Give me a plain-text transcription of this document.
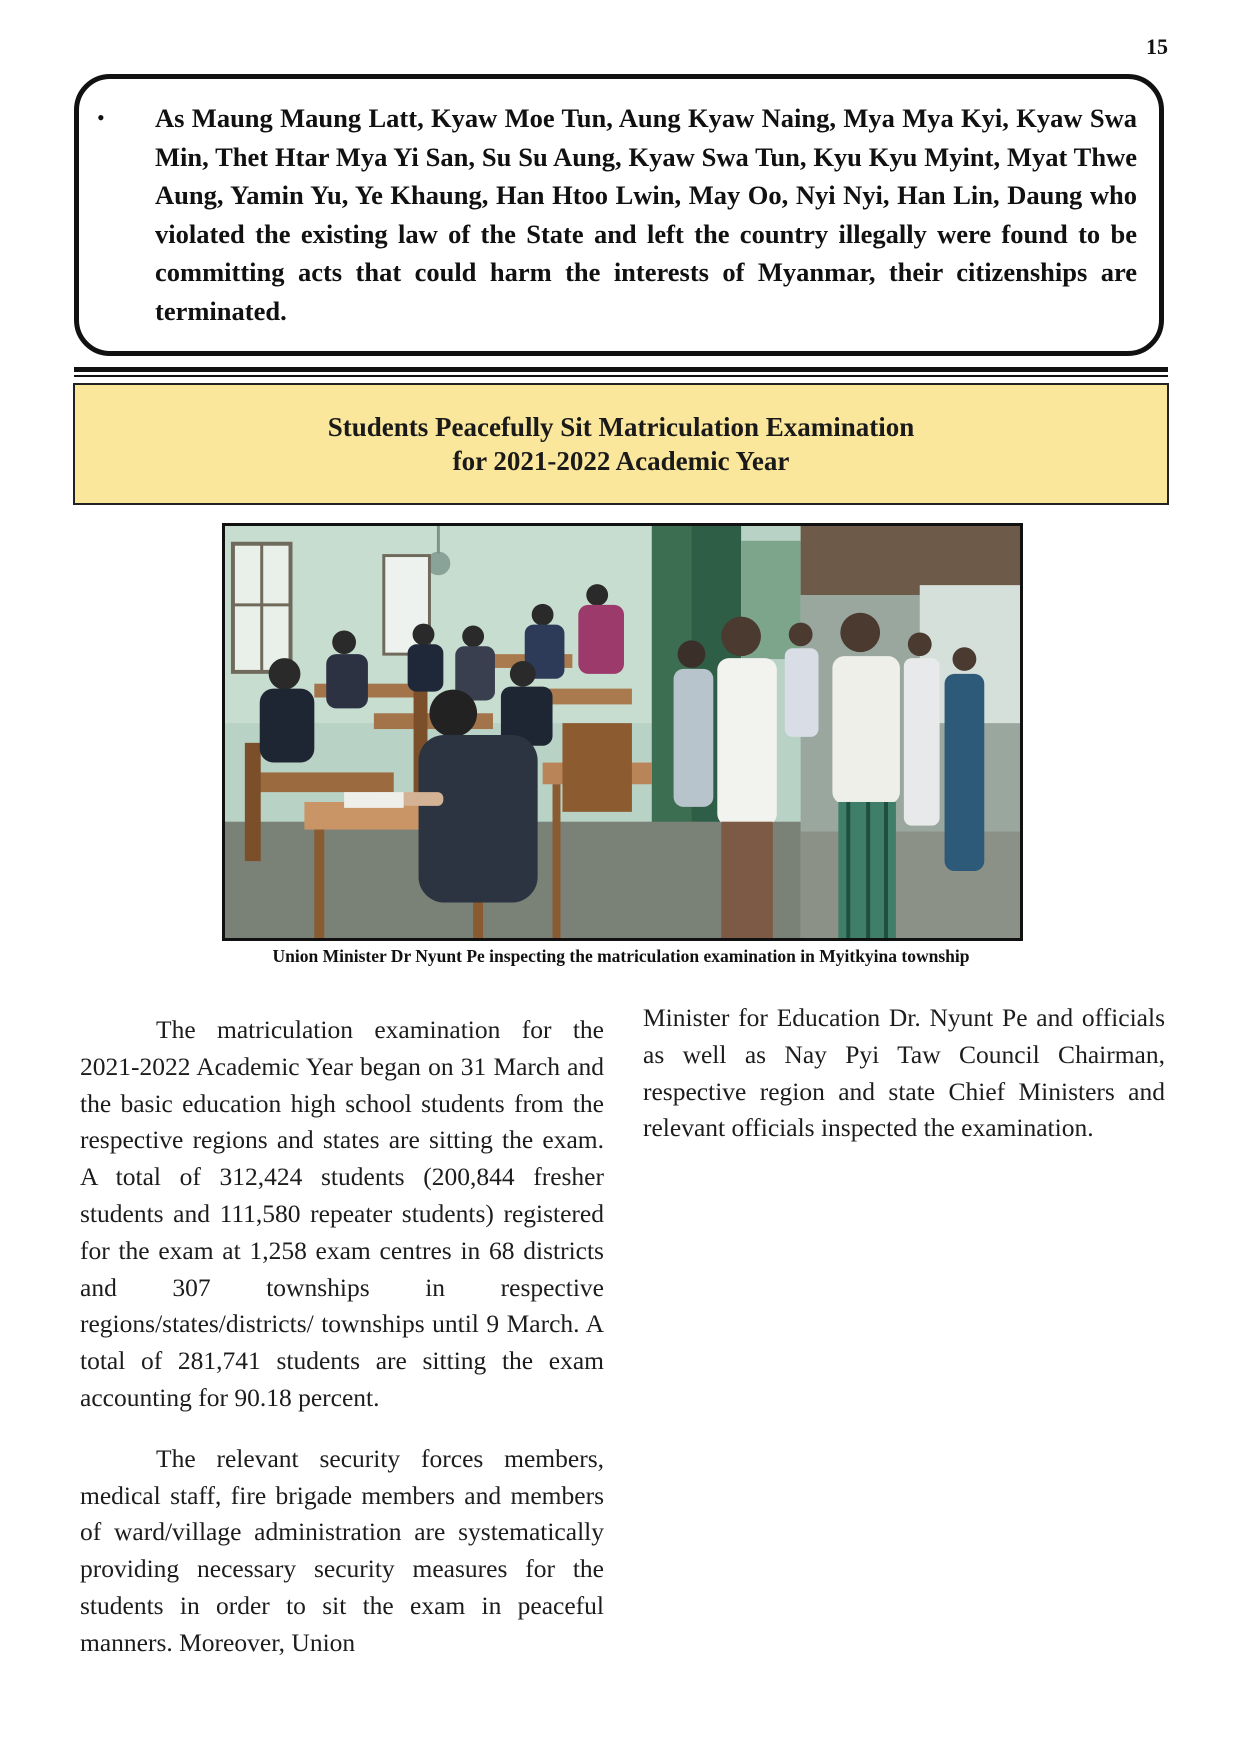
15
•	As Maung Maung Latt, Kyaw Moe Tun, Aung Kyaw Naing, Mya Mya Kyi, Kyaw Swa Min, Thet Htar Mya Yi San, Su Su Aung, Kyaw Swa Tun, Kyu Kyu Myint, Myat Thwe Aung, Yamin Yu, Ye Khaung, Han Htoo Lwin, May Oo, Nyi Nyi, Han Lin, Daung who violated the existing law of the State and left the country illegally were found to be committing acts that could harm the interests of Myanmar, their citizenships are terminated.

Students Peacefully Sit Matriculation Examination
for 2021-2022 Academic Year
Union Minister Dr Nyunt Pe inspecting the matriculation examination in Myitkyina township

The matriculation examination for the 2021-2022 Academic Year began on 31 March and the basic education high school students from the respective regions and states are sitting the exam. A total of 312,424 students (200,844 fresher students and 111,580 repeater students) registered for the exam at 1,258 exam centres in 68 districts and 307 townships in respective regions/states/districts/ townships until 9 March. A total of 281,741 students are sitting the exam accounting for 90.18 percent.

The relevant security forces members, medical staff, fire brigade members and members of ward/village administration are systematically providing necessary security measures for the students in order to sit the exam in peaceful manners. Moreover, Union

Minister for Education Dr. Nyunt Pe and officials as well as Nay Pyi Taw Council Chairman, respective region and state Chief Ministers and relevant officials inspected the examination.
